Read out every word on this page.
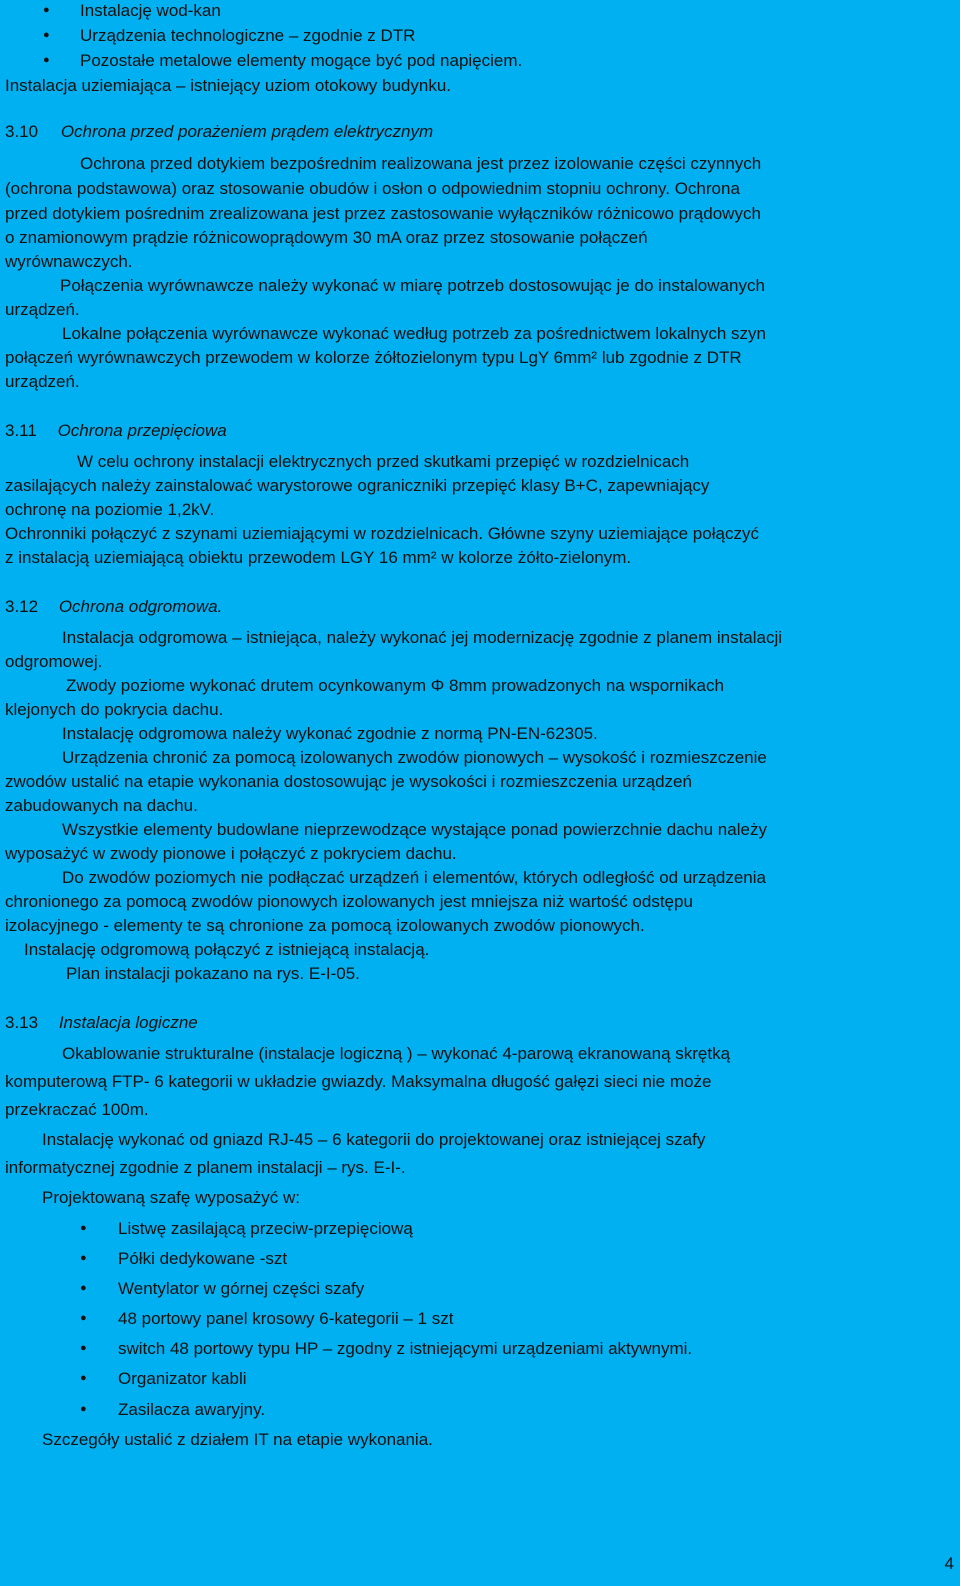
● Instalację wod-kan
● Urządzenia technologiczne – zgodnie z DTR
● Pozostałe metalowe elementy mogące być pod napięciem.
Instalacja uziemiająca – istniejący uziom otokowy budynku.
3.10 Ochrona przed porażeniem prądem elektrycznym
Ochrona przed dotykiem bezpośrednim realizowana jest przez izolowanie części czynnych
(ochrona podstawowa) oraz stosowanie obudów i osłon o odpowiednim stopniu ochrony. Ochrona
przed dotykiem pośrednim zrealizowana jest przez zastosowanie wyłączników różnicowo prądowych
o znamionowym prądzie różnicowoprądowym 30 mA oraz przez stosowanie połączeń
wyrównawczych.
Połączenia wyrównawcze należy wykonać w miarę potrzeb dostosowując je do instalowanych
urządzeń.
Lokalne połączenia wyrównawcze wykonać według potrzeb za pośrednictwem lokalnych szyn
połączeń wyrównawczych przewodem w kolorze żółtozielonym typu LgY 6mm² lub zgodnie z DTR
urządzeń.
3.11 Ochrona przepięciowa
W celu ochrony instalacji elektrycznych przed skutkami przepięć w rozdzielnicach
zasilających należy zainstalować warystorowe ograniczniki przepięć klasy B+C, zapewniający
ochronę na poziomie 1,2kV.
Ochronniki połączyć z szynami uziemiającymi w rozdzielnicach. Główne szyny uziemiające połączyć
z instalacją uziemiającą obiektu przewodem LGY 16 mm² w kolorze żółto-zielonym.
3.12 Ochrona odgromowa.
Instalacja odgromowa – istniejąca, należy wykonać jej modernizację zgodnie z planem instalacji
odgromowej.
Zwody poziome wykonać drutem ocynkowanym Φ 8mm prowadzonych na wspornikach
klejonych do pokrycia dachu.
Instalację odgromowa należy wykonać zgodnie z normą PN-EN-62305.
Urządzenia chronić za pomocą izolowanych zwodów pionowych – wysokość i rozmieszczenie
zwodów ustalić na etapie wykonania dostosowując je wysokości i rozmieszczenia urządzeń
zabudowanych na dachu.
Wszystkie elementy budowlane nieprzewodzące wystające ponad powierzchnie dachu należy
wyposażyć w zwody pionowe i połączyć z pokryciem dachu.
Do zwodów poziomych nie podłączać urządzeń i elementów, których odległość od urządzenia
chronionego za pomocą zwodów pionowych izolowanych jest mniejsza niż wartość odstępu
izolacyjnego - elementy te są chronione za pomocą izolowanych zwodów pionowych.
Instalację odgromową połączyć z istniejącą instalacją.
Plan instalacji pokazano na rys. E-I-05.
3.13 Instalacja logiczne
Okablowanie strukturalne (instalacje logiczną ) – wykonać 4-parową ekranowaną skrętką
komputerową FTP- 6 kategorii w układzie gwiazdy. Maksymalna długość gałęzi sieci nie może
przekraczać 100m.
Instalację wykonać od gniazd RJ-45 – 6 kategorii do projektowanej oraz istniejącej szafy
informatycznej zgodnie z planem instalacji – rys. E-I-.
Projektowaną szafę wyposażyć w:
● Listwę zasilającą przeciw-przepięciową
● Półki dedykowane -szt
● Wentylator w górnej części szafy
● 48 portowy panel krosowy 6-kategorii – 1 szt
● switch 48 portowy typu HP – zgodny z istniejącymi urządzeniami aktywnymi.
● Organizator kabli
● Zasilacza awaryjny.
Szczegóły ustalić z działem IT na etapie wykonania.
4
